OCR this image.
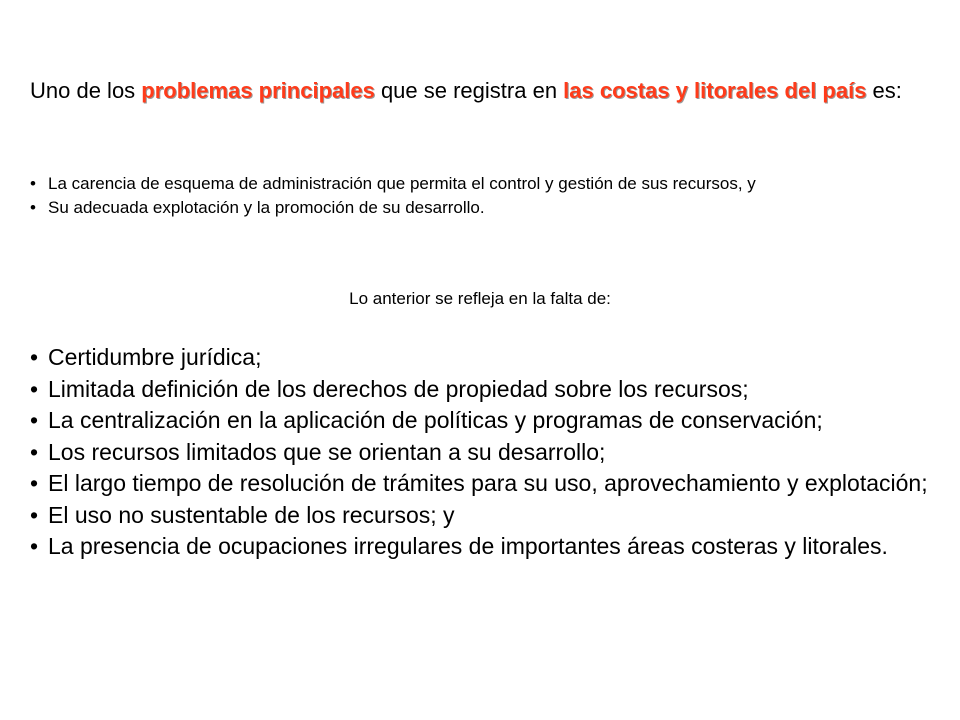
Uno de los problemas principales que se registra en las costas y litorales del país es:

• La carencia de esquema de administración que permita el control y gestión de sus recursos, y
• Su adecuada explotación y la promoción de su desarrollo.

Lo anterior se refleja en la falta de:

• Certidumbre jurídica;
• Limitada definición de los derechos de propiedad sobre los recursos;
• La centralización en la aplicación de políticas y programas de conservación;
• Los recursos limitados que se orientan a su desarrollo;
• El largo tiempo de resolución de trámites para su uso, aprovechamiento y explotación;
• El uso no sustentable de los recursos; y
• La presencia de ocupaciones irregulares de importantes áreas costeras y litorales.
